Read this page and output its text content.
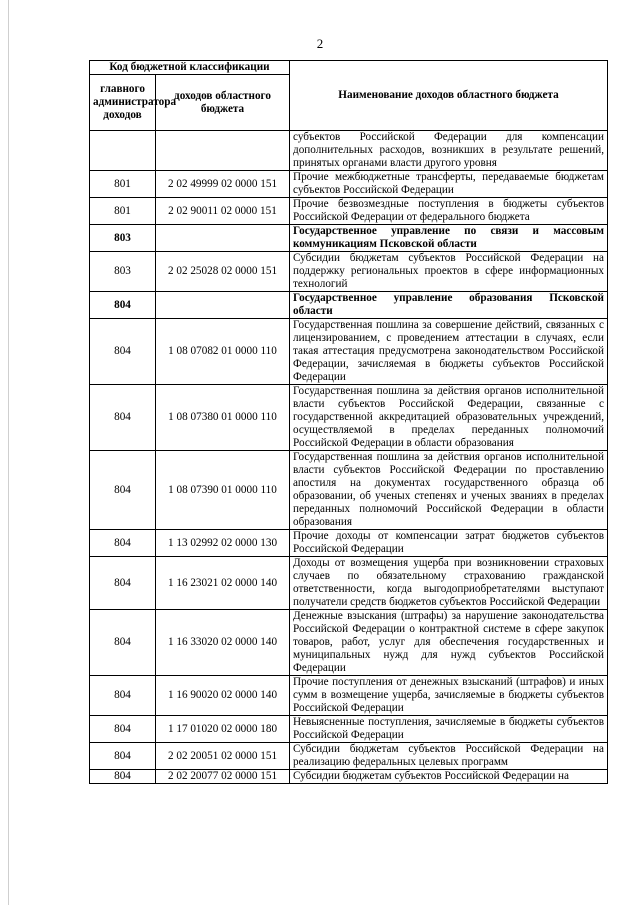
2
Код бюджетной классификации		Наименование доходов областного бюджета
главного администратора доходов	доходов областного бюджета	
		субъектов Российской Федерации для компенсации дополнительных расходов, возникших в результате решений, принятых органами власти другого уровня
801	2 02 49999 02 0000 151	Прочие межбюджетные трансферты, передаваемые бюджетам субъектов Российской Федерации
801	2 02 90011 02 0000 151	Прочие безвозмездные поступления в бюджеты субъектов Российской Федерации от федерального бюджета
803		Государственное управление по связи и массовым коммуникациям Псковской области
803	2 02 25028 02 0000 151	Субсидии бюджетам субъектов Российской Федерации на поддержку региональных проектов в сфере информационных технологий
804		Государственное управление образования Псковской области
804	1 08 07082 01 0000 110	Государственная пошлина за совершение действий, связанных с лицензированием, с проведением аттестации в случаях, если такая аттестация предусмотрена законодательством Российской Федерации, зачисляемая в бюджеты субъектов Российской Федерации
804	1 08 07380 01 0000 110	Государственная пошлина за действия органов исполнительной власти субъектов Российской Федерации, связанные с государственной аккредитацией образовательных учреждений, осуществляемой в пределах переданных полномочий Российской Федерации в области образования
804	1 08 07390 01 0000 110	Государственная пошлина за действия органов исполнительной власти субъектов Российской Федерации по проставлению апостиля на документах государственного образца об образовании, об ученых степенях и ученых званиях в пределах переданных полномочий Российской Федерации в области образования
804	1 13 02992 02 0000 130	Прочие доходы от компенсации затрат бюджетов субъектов Российской Федерации
804	1 16 23021 02 0000 140	Доходы от возмещения ущерба при возникновении страховых случаев по обязательному страхованию гражданской ответственности, когда выгодоприобретателями выступают получатели средств бюджетов субъектов Российской Федерации
804	1 16 33020 02 0000 140	Денежные взыскания (штрафы) за нарушение законодательства Российской Федерации о контрактной системе в сфере закупок товаров, работ, услуг для обеспечения государственных и муниципальных нужд для нужд субъектов Российской Федерации
804	1 16 90020 02 0000 140	Прочие поступления от денежных взысканий (штрафов) и иных сумм в возмещение ущерба, зачисляемые в бюджеты субъектов Российской Федерации
804	1 17 01020 02 0000 180	Невыясненные поступления, зачисляемые в бюджеты субъектов Российской Федерации
804	2 02 20051 02 0000 151	Субсидии бюджетам субъектов Российской Федерации на реализацию федеральных целевых программ
804	2 02 20077 02 0000 151	Субсидии бюджетам субъектов Российской Федерации на
